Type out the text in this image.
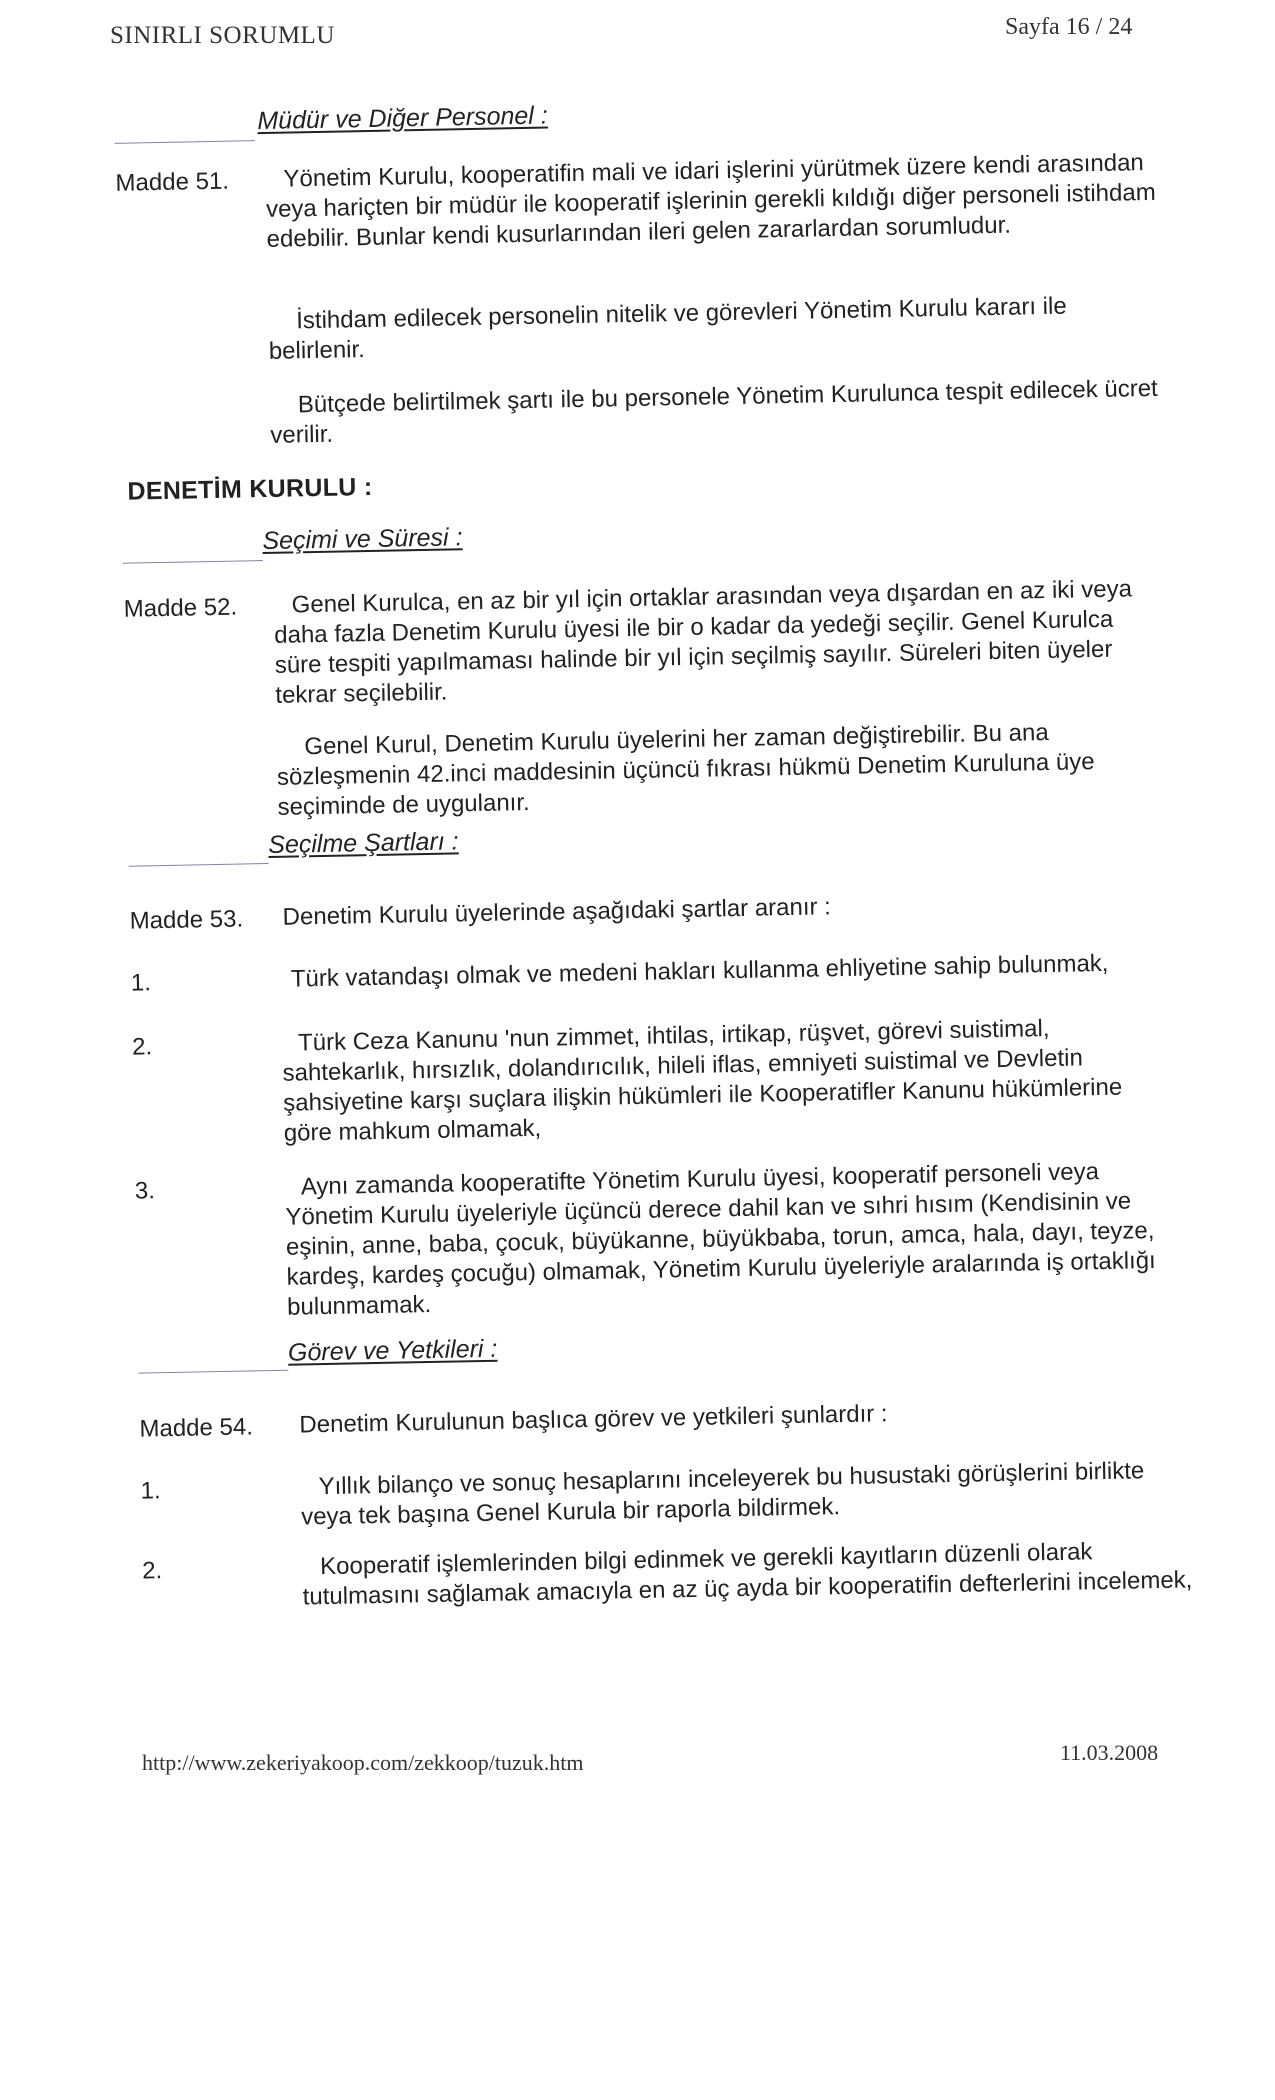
SINIRLI SORUMLU	Sayfa 16 / 24
Müdür ve Diğer Personel :
Madde 51.	Yönetim Kurulu, kooperatifin mali ve idari işlerini yürütmek üzere kendi arasından veya hariçten bir müdür ile kooperatif işlerinin gerekli kıldığı diğer personeli istihdam edebilir. Bunlar kendi kusurlarından ileri gelen zararlardan sorumludur.
İstihdam edilecek personelin nitelik ve görevleri Yönetim Kurulu kararı ile belirlenir.
Bütçede belirtilmek şartı ile bu personele Yönetim Kurulunca tespit edilecek ücret verilir.
DENETİM KURULU :
Seçimi ve Süresi :
Madde 52.	Genel Kurulca, en az bir yıl için ortaklar arasından veya dışardan en az iki veya daha fazla Denetim Kurulu üyesi ile bir o kadar da yedeği seçilir. Genel Kurulca süre tespiti yapılmaması halinde bir yıl için seçilmiş sayılır. Süreleri biten üyeler tekrar seçilebilir.
Genel Kurul, Denetim Kurulu üyelerini her zaman değiştirebilir. Bu ana sözleşmenin 42.inci maddesinin üçüncü fıkrası hükmü Denetim Kuruluna üye seçiminde de uygulanır.
Seçilme Şartları :
Madde 53. Denetim Kurulu üyelerinde aşağıdaki şartlar aranır :
1.	Türk vatandaşı olmak ve medeni hakları kullanma ehliyetine sahip bulunmak,
2.	Türk Ceza Kanunu 'nun zimmet, ihtilas, irtikap, rüşvet, görevi suistimal, sahtekarlık, hırsızlık, dolandırıcılık, hileli iflas, emniyeti suistimal ve Devletin şahsiyetine karşı suçlara ilişkin hükümleri ile Kooperatifler Kanunu hükümlerine göre mahkum olmamak,
3.	Aynı zamanda kooperatifte Yönetim Kurulu üyesi, kooperatif personeli veya Yönetim Kurulu üyeleriyle üçüncü derece dahil kan ve sıhri hısım (Kendisinin ve eşinin, anne, baba, çocuk, büyükanne, büyükbaba, torun, amca, hala, dayı, teyze, kardeş, kardeş çocuğu) olmamak, Yönetim Kurulu üyeleriyle aralarında iş ortaklığı bulunmamak.
Görev ve Yetkileri :
Madde 54. Denetim Kurulunun başlıca görev ve yetkileri şunlardır :
1.	Yıllık bilanço ve sonuç hesaplarını inceleyerek bu husustaki görüşlerini birlikte veya tek başına Genel Kurula bir raporla bildirmek.
2.	Kooperatif işlemlerinden bilgi edinmek ve gerekli kayıtların düzenli olarak tutulmasını sağlamak amacıyla en az üç ayda bir kooperatifin defterlerini incelemek,
http://www.zekeriyakoop.com/zekkoop/tuzuk.htm	11.03.2008
